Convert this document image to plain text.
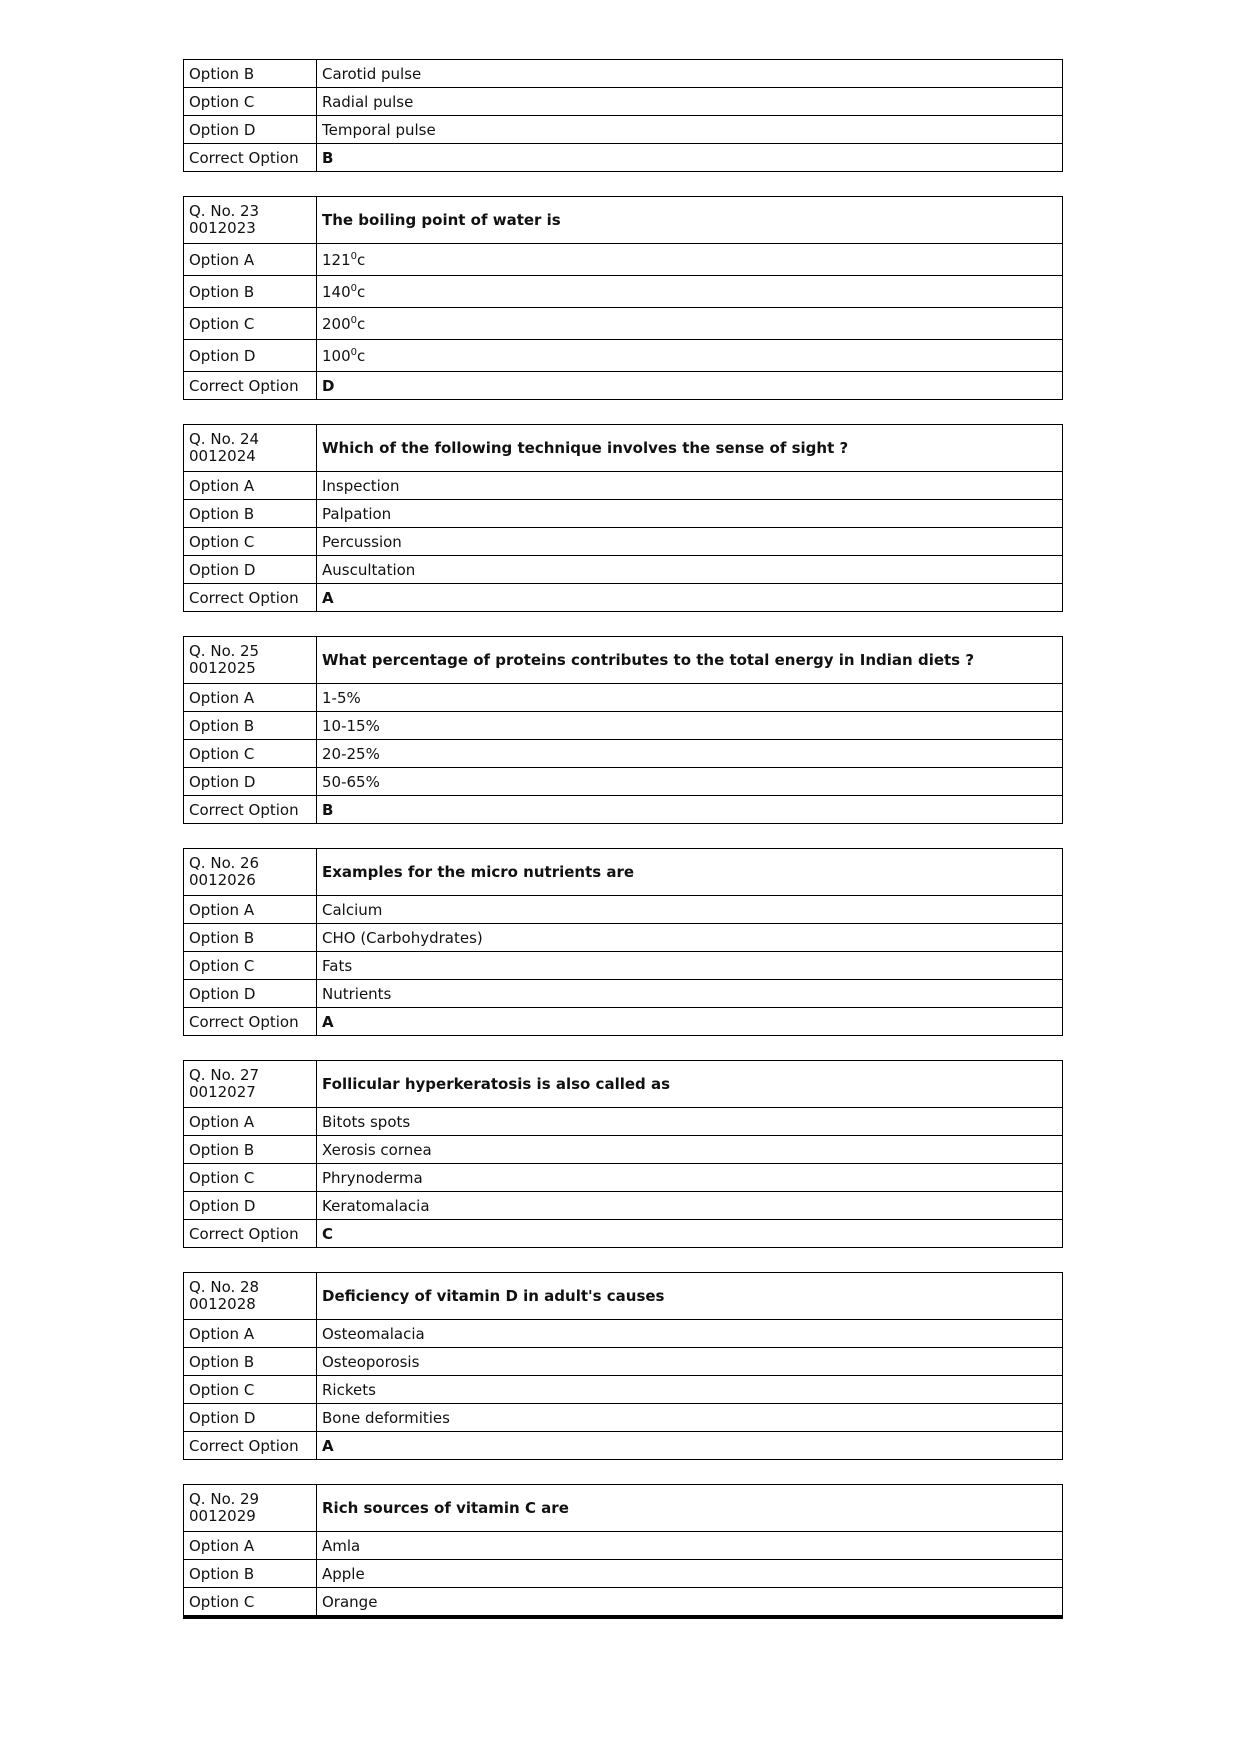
Option B	Carotid pulse
Option C	Radial pulse
Option D	Temporal pulse
Correct Option	B
Q. No. 23
0012023	The boiling point of water is
Option A	$121^0c$
Option B	$140^0c$
Option C	$200^0c$
Option D	$100^0c$
Correct Option	D
Q. No. 24
0012024	Which of the following technique involves the sense of sight ?
Option A	Inspection
Option B	Palpation
Option C	Percussion
Option D	Auscultation
Correct Option	A
Q. No. 25
0012025	What percentage of proteins contributes to the total energy in Indian diets ?
Option A	1-5%
Option B	10-15%
Option C	20-25%
Option D	50-65%
Correct Option	B
Q. No. 26
0012026	Examples for the micro nutrients are
Option A	Calcium
Option B	CHO (Carbohydrates)
Option C	Fats
Option D	Nutrients
Correct Option	A
Q. No. 27
0012027	Follicular hyperkeratosis is also called as
Option A	Bitots spots
Option B	Xerosis cornea
Option C	Phrynoderma
Option D	Keratomalacia
Correct Option	C
Q. No. 28
0012028	Deficiency of vitamin D in adult's causes
Option A	Osteomalacia
Option B	Osteoporosis
Option C	Rickets
Option D	Bone deformities
Correct Option	A
Q. No. 29
0012029	Rich sources of vitamin C are
Option A	Amla
Option B	Apple
Option C	Orange
